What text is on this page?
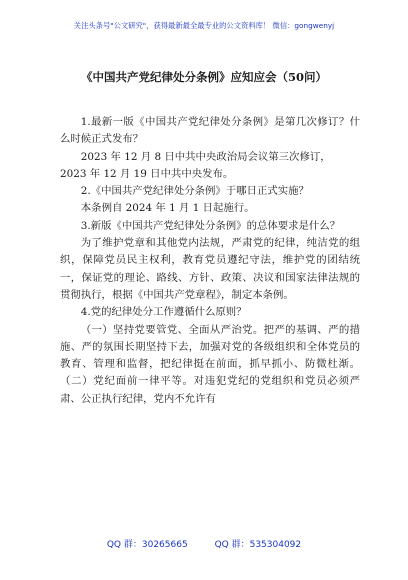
关注头条号"公文研究"，获得最新最全最专业的公文资料库！ 微信：gongwenyj
《中国共产党纪律处分条例》应知应会（50问）

1.最新一版《中国共产党纪律处分条例》是第几次修订？什么时候正式发布？

2023 年 12 月 8 日中共中央政治局会议第三次修订，

2023 年 12 月 19 日中共中央发布。

2.《中国共产党纪律处分条例》于哪日正式实施？

本条例自 2024 年 1 月 1 日起施行。

3.新版《中国共产党纪律处分条例》的总体要求是什么？

为了维护党章和其他党内法规，严肃党的纪律，纯洁党的组织，保障党员民主权利，教育党员遵纪守法，维护党的团结统一，保证党的理论、路线、方针、政策、决议和国家法律法规的贯彻执行，根据《中国共产党章程》，制定本条例。

4.党的纪律处分工作遵循什么原则？

（一）坚持党要管党、全面从严治党。把严的基调、严的措施、严的氛围长期坚持下去，加强对党的各级组织和全体党员的教育、管理和监督，把纪律挺在前面，抓早抓小、防微杜渐。（二）党纪面前一律平等。对违犯党纪的党组织和党员必须严肃、公正执行纪律，党内不允许有

QQ 群：30265665	QQ 群：535304092
